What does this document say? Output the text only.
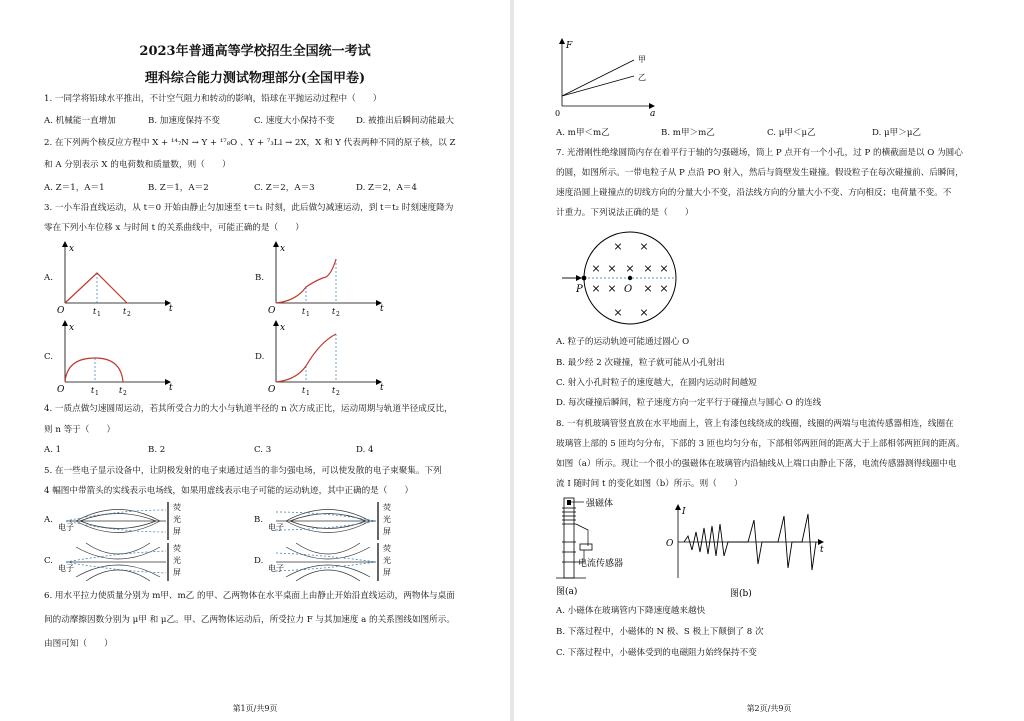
2023年普通高等学校招生全国统一考试
理科综合能力测试物理部分(全国甲卷)
1. 一同学将铅球水平推出，不计空气阻力和转动的影响，铅球在平抛运动过程中（　　）
A. 机械能一直增加	B. 加速度保持不变	C. 速度大小保持不变	D. 被推出后瞬间动能最大
2. 在下列两个核反应方程中 X + ¹⁴₇N → Y + ¹⁷₈O 、Y + ⁷₃Li → 2X，X 和 Y 代表两种不同的原子核，以 Z
和 A 分别表示 X 的电荷数和质量数，则（　　）
A. Z＝1，A＝1	B. Z＝1，A＝2	C. Z＝2，A＝3	D. Z＝2，A＝4
3. 一小车沿直线运动，从 t＝0 开始由静止匀加速至 t＝t₁ 时刻，此后做匀减速运动，到 t＝t₂ 时刻速度降为
零在下列小车位移 x 与时间 t 的关系曲线中，可能正确的是（　　）
A.
x
O	t
t 1	t 2
B.
x
O	t
t 1	t 2
C.
x
O	t
t 1	t 2
D.
x
O	t
t 1	t 2
4. 一质点做匀速圆周运动，若其所受合力的大小与轨道半径的 n 次方成正比，运动周期与轨道半径成反比，
则 n 等于（　　）
A. 1	B. 2	C. 3	D. 4
5. 在一些电子显示设备中，让阴极发射的电子束通过适当的非匀强电场，可以使发散的电子束聚集。下列
4 幅图中带箭头的实线表示电场线，如果用虚线表示电子可能的运动轨迹，其中正确的是（　　）
A.
电子
荧
光
屏
B.
电子
荧
光
屏
C.
电子
荧
光
屏
D.
电子
荧
光
屏
6. 用水平拉力使质量分别为 m甲、m乙 的甲、乙两物体在水平桌面上由静止开始沿直线运动，两物体与桌面
间的动摩擦因数分别为 μ甲 和 μ乙。甲、乙两物体运动后，所受拉力 F 与其加速度 a 的关系图线如图所示。
由图可知（　　）
第1页/共9页
F
0	a
甲
乙
A. m甲＜m乙	B. m甲＞m乙	C. μ甲＜μ乙	D. μ甲＞μ乙
7. 光滑刚性绝缘圆筒内存在着平行于轴的匀强磁场，筒上 P 点开有一个小孔，过 P 的横截面是以 O 为圆心
的圆，如图所示。一带电粒子从 P 点沿 PO 射入，然后与筒壁发生碰撞。假设粒子在每次碰撞前、后瞬间，
速度沿圆上碰撞点的切线方向的分量大小不变，沿法线方向的分量大小不变、方向相反；电荷量不变。不
计重力。下列说法正确的是（　　）
× ×
× × ×
×	×
× ×
×	×
× ×
P	O
A. 粒子的运动轨迹可能通过圆心 O
B. 最少经 2 次碰撞，粒子就可能从小孔射出
C. 射入小孔时粒子的速度越大，在圆内运动时间越短
D. 每次碰撞后瞬间，粒子速度方向一定平行于碰撞点与圆心 O 的连线
8. 一有机玻璃管竖直放在水平地面上，管上有漆包线绕成的线圈，线圈的两端与电流传感器相连，线圈在
玻璃管上部的 5 匝均匀分布，下部的 3 匝也均匀分布，下部相邻两匝间的距离大于上部相邻两匝间的距离。
如图（a）所示。现让一个很小的强磁体在玻璃管内沿轴线从上端口由静止下落，电流传感器测得线圈中电
流 I 随时间 t 的变化如图（b）所示。则（　　）
强磁体
电流传感器
图(a)
O
I
t
图(b)
A. 小磁体在玻璃管内下降速度越来越快
B. 下落过程中，小磁体的 N 极、S 极上下颠倒了 8 次
C. 下落过程中，小磁体受到的电磁阻力始终保持不变
第2页/共9页
